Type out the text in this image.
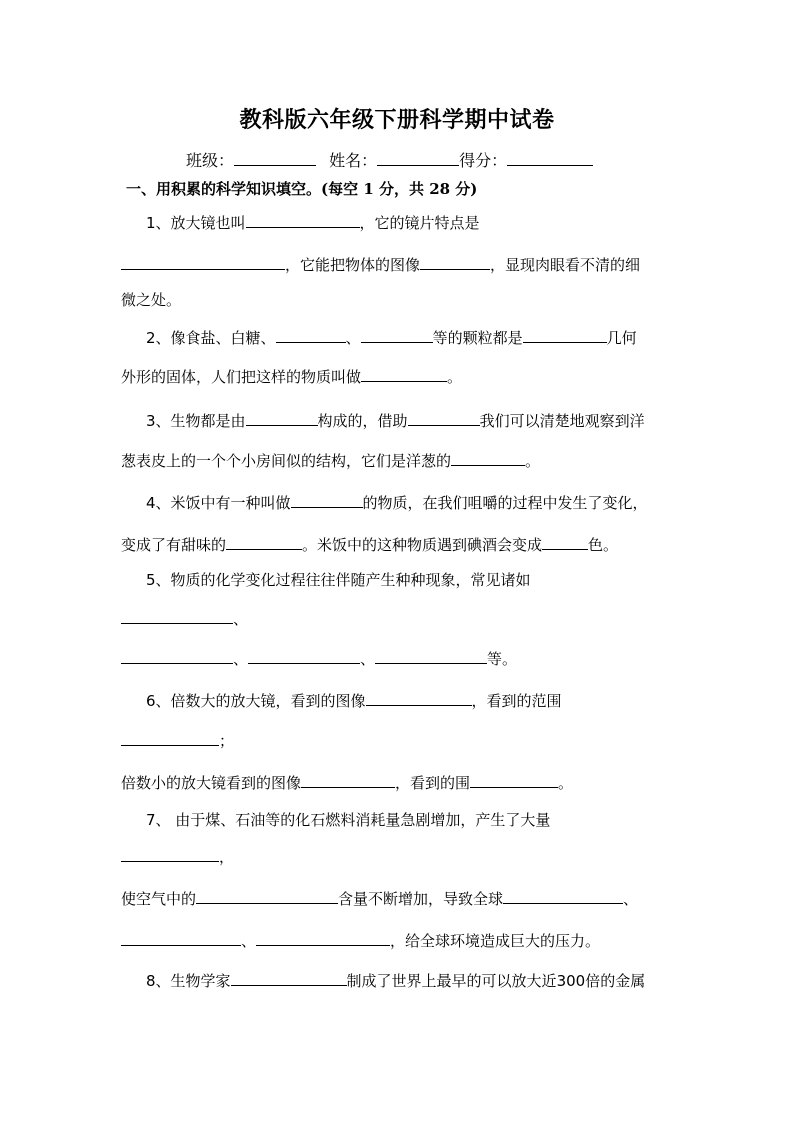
教科版六年级下册科学期中试卷
班级：	姓名：	得分：
一、用积累的科学知识填空。(每空 1 分，共 28 分)
1、放大镜也叫	，它的镜片特点是
，它能把物体的图像	，显现肉眼看不清的细
微之处。
2、像食盐、白糖、	、	等的颗粒都是	几何
外形的固体，人们把这样的物质叫做	。
3、生物都是由	构成的，借助	我们可以清楚地观察到洋
葱表皮上的一个个小房间似的结构，它们是洋葱的	。
4、米饭中有一种叫做	的物质，在我们咀嚼的过程中发生了变化，
变成了有甜味的	。米饭中的这种物质遇到碘酒会变成	色。
5、物质的化学变化过程往往伴随产生种种现象，常见诸如
、
、	、	等。
6、倍数大的放大镜，看到的图像	，看到的范围
；
倍数小的放大镜看到的图像	，看到的围	。
7、 由于煤、石油等的化石燃料消耗量急剧增加，产生了大量
，
使空气中的	含量不断增加，导致全球	、
、	，给全球环境造成巨大的压力。
8、生物学家	制成了世界上最早的可以放大近300倍的金属
